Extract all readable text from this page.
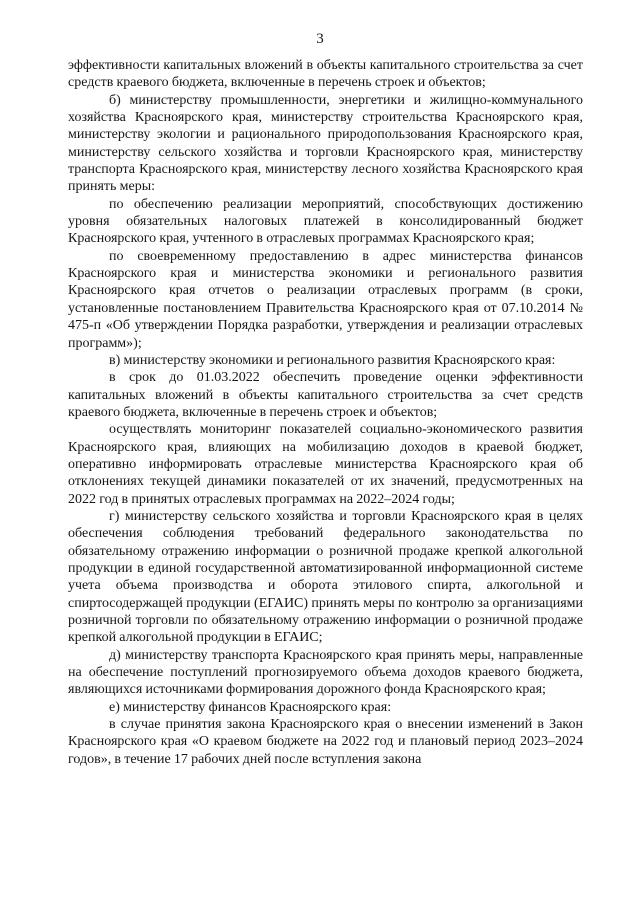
3

эффективности капитальных вложений в объекты капитального строительства за счет средств краевого бюджета, включенные в перечень строек и объектов;

б) министерству промышленности, энергетики и жилищно-коммунального хозяйства Красноярского края, министерству строительства Красноярского края, министерству экологии и рационального природопользования Красноярского края, министерству сельского хозяйства и торговли Красноярского края, министерству транспорта Красноярского края, министерству лесного хозяйства Красноярского края принять меры:

по обеспечению реализации мероприятий, способствующих достижению уровня обязательных налоговых платежей в консолидированный бюджет Красноярского края, учтенного в отраслевых программах Красноярского края;

по своевременному предоставлению в адрес министерства финансов Красноярского края и министерства экономики и регионального развития Красноярского края отчетов о реализации отраслевых программ (в сроки, установленные постановлением Правительства Красноярского края от 07.10.2014 № 475-п «Об утверждении Порядка разработки, утверждения и реализации отраслевых программ»);

в) министерству экономики и регионального развития Красноярского края:

в срок до 01.03.2022 обеспечить проведение оценки эффективности капитальных вложений в объекты капитального строительства за счет средств краевого бюджета, включенные в перечень строек и объектов;

осуществлять мониторинг показателей социально-экономического развития Красноярского края, влияющих на мобилизацию доходов в краевой бюджет, оперативно информировать отраслевые министерства Красноярского края об отклонениях текущей динамики показателей от их значений, предусмотренных на 2022 год в принятых отраслевых программах на 2022–2024 годы;

г) министерству сельского хозяйства и торговли Красноярского края в целях обеспечения соблюдения требований федерального законодательства по обязательному отражению информации о розничной продаже крепкой алкогольной продукции в единой государственной автоматизированной информационной системе учета объема производства и оборота этилового спирта, алкогольной и спиртосодержащей продукции (ЕГАИС) принять меры по контролю за организациями розничной торговли по обязательному отражению информации о розничной продаже крепкой алкогольной продукции в ЕГАИС;

д) министерству транспорта Красноярского края принять меры, направленные на обеспечение поступлений прогнозируемого объема доходов краевого бюджета, являющихся источниками формирования дорожного фонда Красноярского края;

е) министерству финансов Красноярского края:

в случае принятия закона Красноярского края о внесении изменений в Закон Красноярского края «О краевом бюджете на 2022 год и плановый период 2023–2024 годов», в течение 17 рабочих дней после вступления закона
